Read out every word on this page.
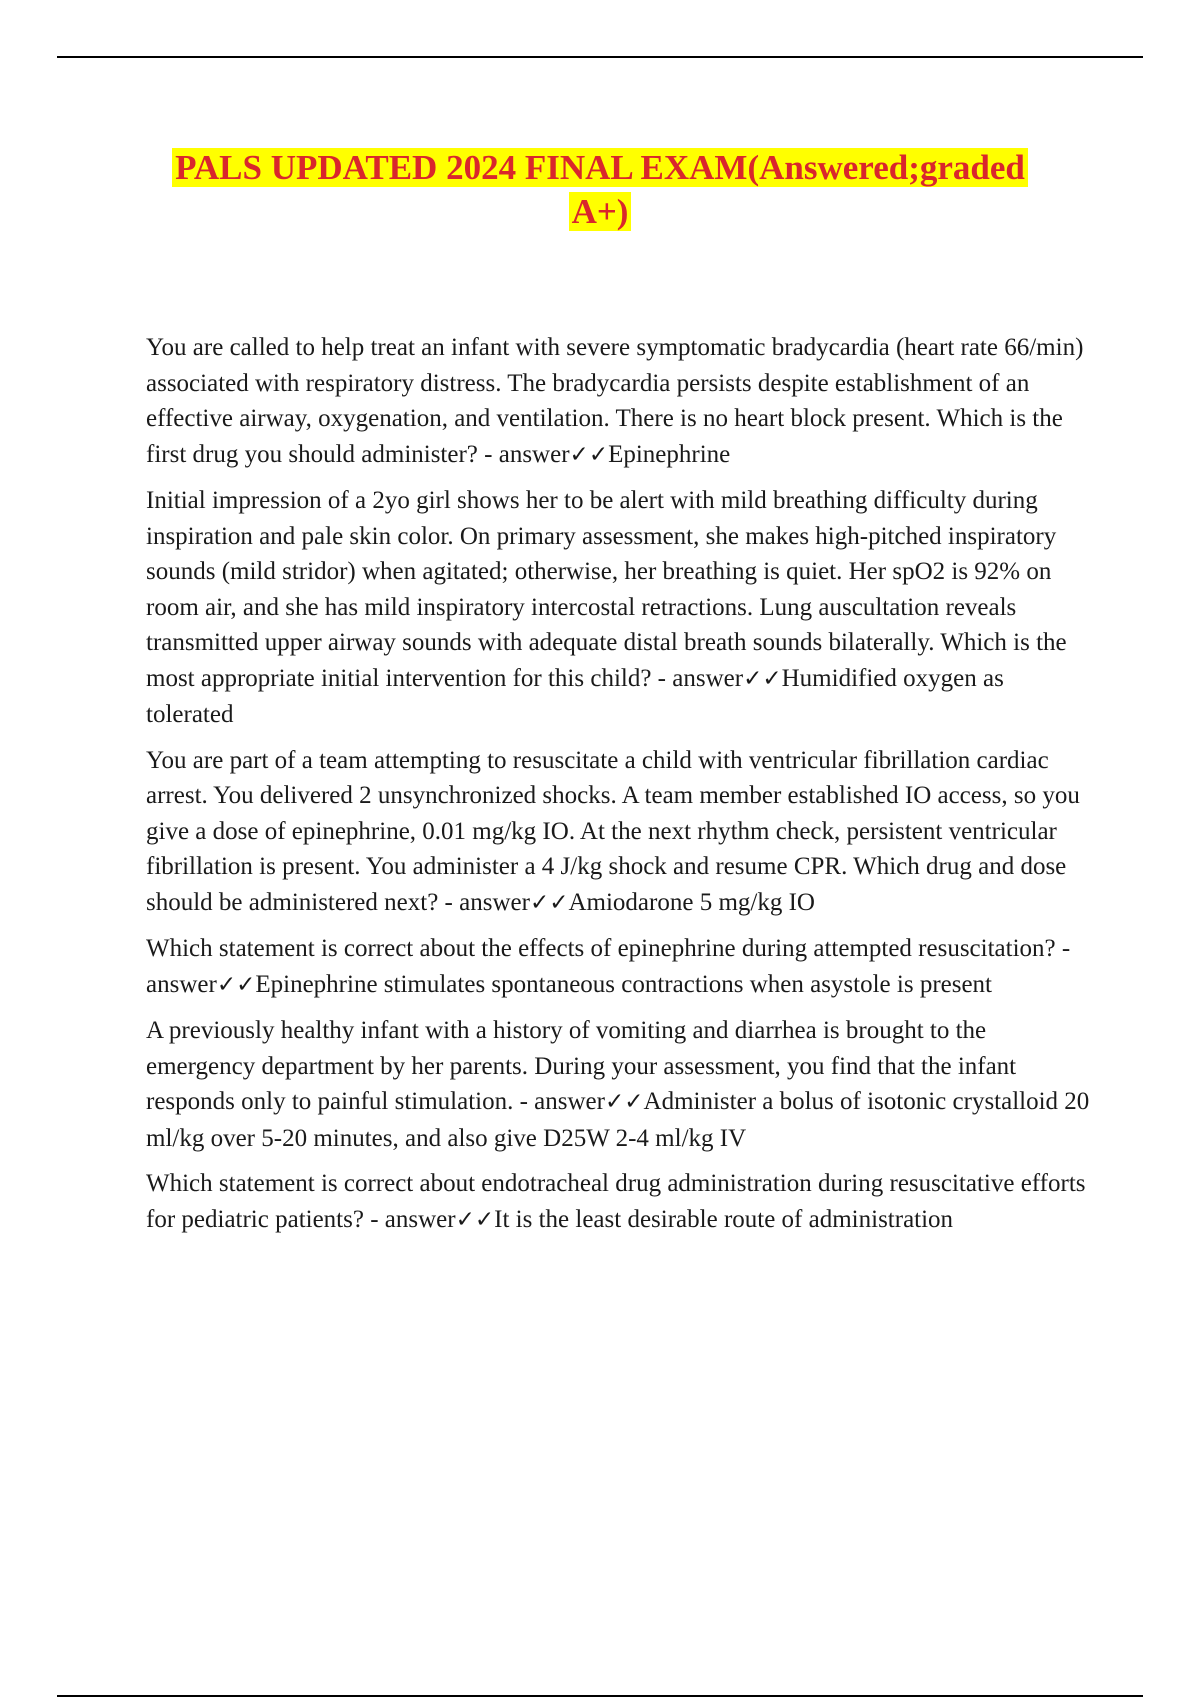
PALS UPDATED 2024 FINAL EXAM(Answered;graded A+)

You are called to help treat an infant with severe symptomatic bradycardia (heart rate 66/min) associated with respiratory distress. The bradycardia persists despite establishment of an effective airway, oxygenation, and ventilation. There is no heart block present. Which is the first drug you should administer? - answer✓✓Epinephrine

Initial impression of a 2yo girl shows her to be alert with mild breathing difficulty during inspiration and pale skin color. On primary assessment, she makes high-pitched inspiratory sounds (mild stridor) when agitated; otherwise, her breathing is quiet. Her spO2 is 92% on room air, and she has mild inspiratory intercostal retractions. Lung auscultation reveals transmitted upper airway sounds with adequate distal breath sounds bilaterally. Which is the most appropriate initial intervention for this child? - answer✓✓Humidified oxygen as tolerated

You are part of a team attempting to resuscitate a child with ventricular fibrillation cardiac arrest. You delivered 2 unsynchronized shocks. A team member established IO access, so you give a dose of epinephrine, 0.01 mg/kg IO. At the next rhythm check, persistent ventricular fibrillation is present. You administer a 4 J/kg shock and resume CPR. Which drug and dose should be administered next? - answer✓✓Amiodarone 5 mg/kg IO

Which statement is correct about the effects of epinephrine during attempted resuscitation? - answer✓✓Epinephrine stimulates spontaneous contractions when asystole is present

A previously healthy infant with a history of vomiting and diarrhea is brought to the emergency department by her parents. During your assessment, you find that the infant responds only to painful stimulation. - answer✓✓Administer a bolus of isotonic crystalloid 20 ml/kg over 5-20 minutes, and also give D25W 2-4 ml/kg IV

Which statement is correct about endotracheal drug administration during resuscitative efforts for pediatric patients? - answer✓✓It is the least desirable route of administration
